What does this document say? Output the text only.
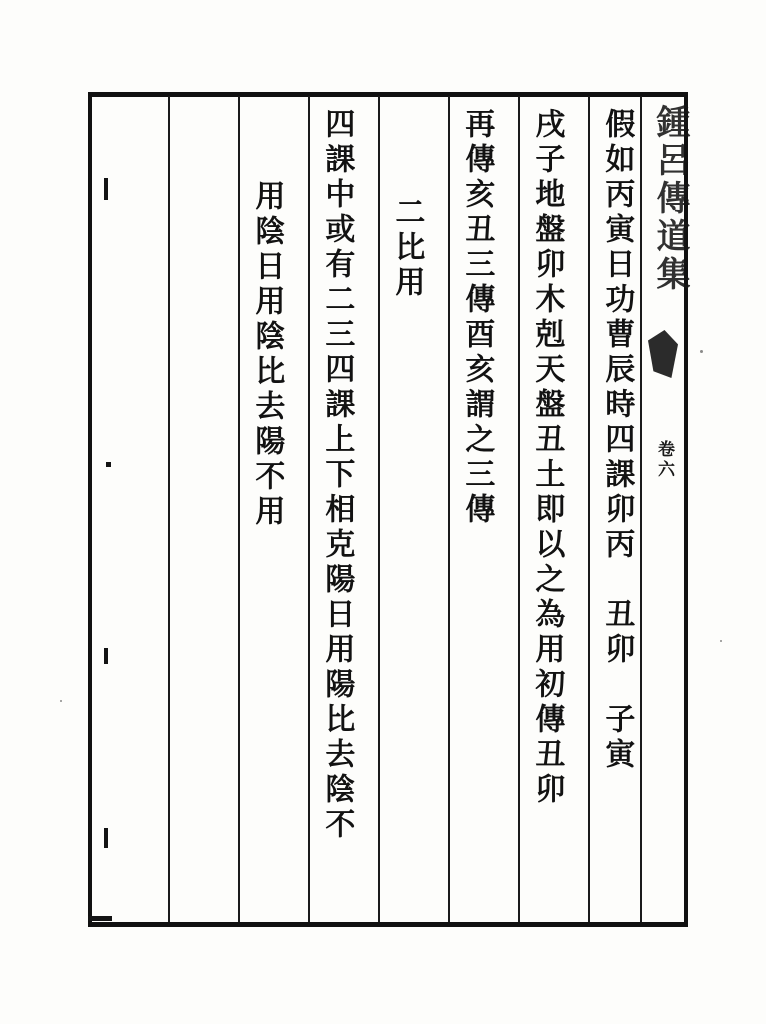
假如丙寅日功曹辰時四課卯丙　丑卯　子寅
戌子地盤卯木剋天盤丑土即以之為用初傳丑卯
再傳亥丑三傳酉亥謂之三傳
二比用
四課中或有二三四課上下相克陽日用陽比去陰不
用陰日用陰比去陽不用	鍾呂傳道集
卷六
